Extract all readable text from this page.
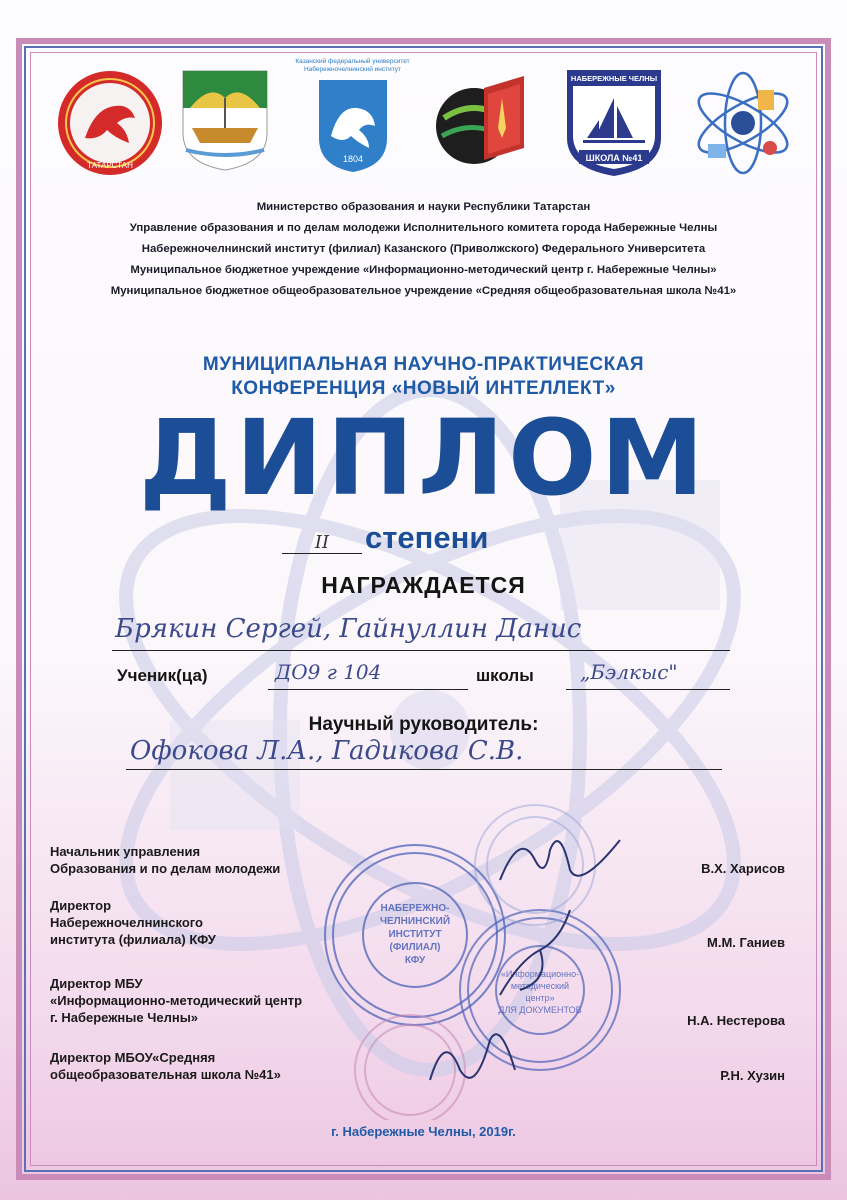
ТАТАРСТАН
Казанский федеральный университет
Набережночелнинский институт
1804
НАБЕРЕЖНЫЕ ЧЕЛНЫ
ШКОЛА №41
Министерство образования и науки Республики Татарстан
Управление образования и по делам молодежи Исполнительного комитета города Набережные Челны
Набережночелнинский институт (филиал) Казанского (Приволжского) Федерального Университета
Муниципальное бюджетное учреждение «Информационно-методический центр г. Набережные Челны»
Муниципальное бюджетное общеобразовательное учреждение «Средняя общеобразовательная школа №41»
МУНИЦИПАЛЬНАЯ НАУЧНО-ПРАКТИЧЕСКАЯ
КОНФЕРЕНЦИЯ «НОВЫЙ ИНТЕЛЛЕКТ»
ДИПЛОМ
II	степени
НАГРАЖДАЕТСЯ
Брякин Сергей, Гайнуллин Данис
Ученик(ца)	ДО9 г 104	школы „Бэлкыс"
Научный руководитель:
Офокова Л.А., Гадикова С.В.
НАБЕРЕЖНО-
ЧЕЛНИНСКИЙ
ИНСТИТУТ
(ФИЛИАЛ)
КФУ
«Информационно-
методический
центр»
ДЛЯ ДОКУМЕНТОВ
Начальник управления
Образования и по делам молодежи	В.Х. Харисов
Директор
Набережночелнинского
института (филиала) КФУ	М.М. Ганиев
Директор МБУ
«Информационно-методический центр
г. Набережные Челны»	Н.А. Нестерова
Директор МБОУ«Средняя
общеобразовательная школа №41»	Р.Н. Хузин
г. Набережные Челны, 2019г.
